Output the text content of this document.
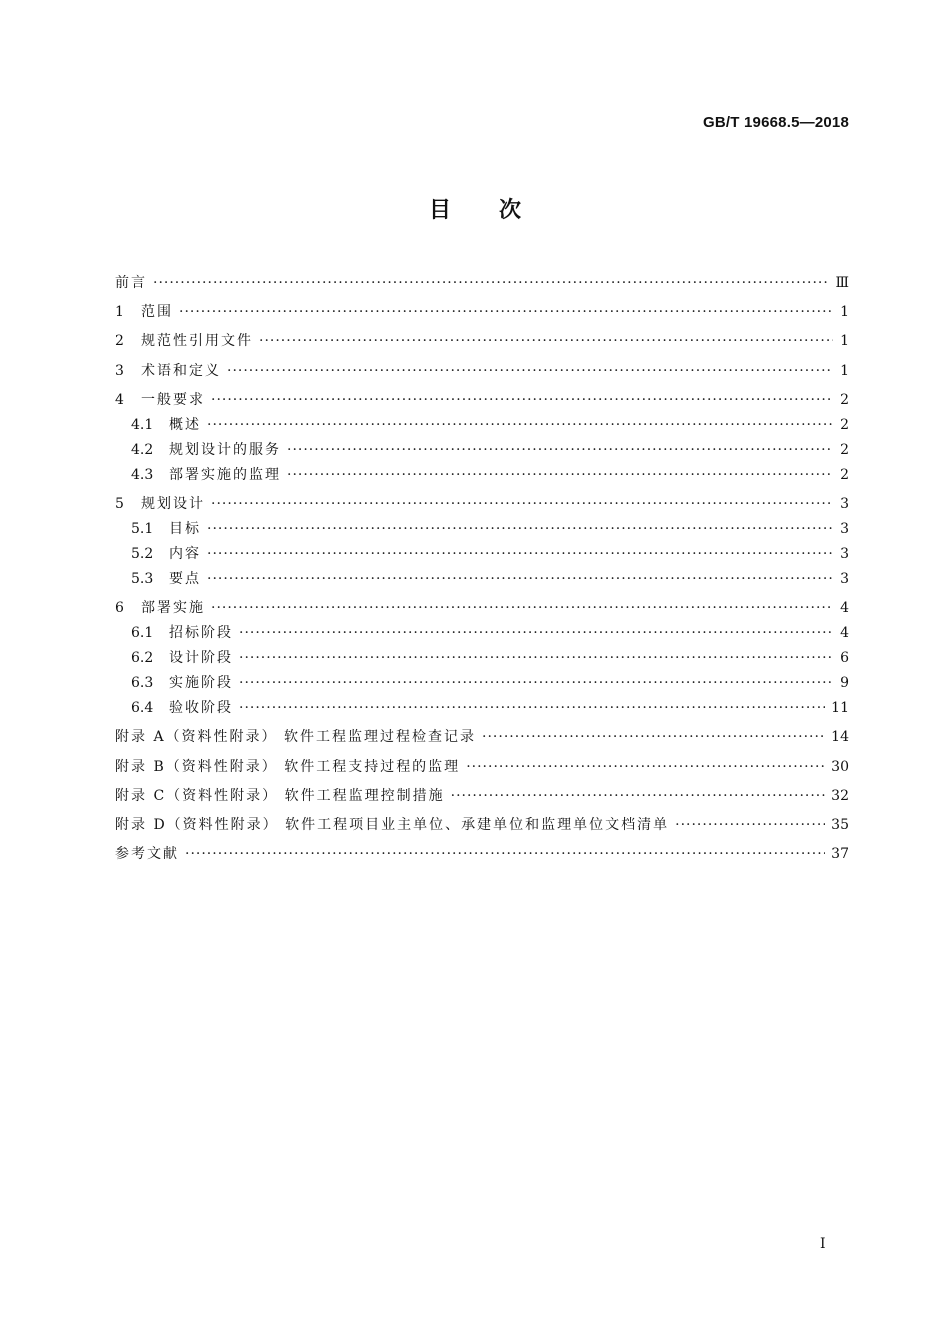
GB/T 19668.5—2018
目次
前言 ·····	Ⅲ
1	范围 ·····	1
2	规范性引用文件 ·····	1
3	术语和定义 ·····	1
4	一般要求 ·····	2
4.1	概述 ·····	2
4.2	规划设计的服务 ·····	2
4.3	部署实施的监理 ·····	2
5	规划设计 ·····	3
5.1	目标 ·····	3
5.2	内容 ·····	3
5.3	要点 ·····	3
6	部署实施 ·····	4
6.1	招标阶段 ·····	4
6.2	设计阶段 ·····	6
6.3	实施阶段 ·····	9
6.4	验收阶段 ·····	11
附录 A（资料性附录） 软件工程监理过程检查记录 ·····	14
附录 B（资料性附录） 软件工程支持过程的监理 ·····	30
附录 C（资料性附录） 软件工程监理控制措施 ·····	32
附录 D（资料性附录） 软件工程项目业主单位、承建单位和监理单位文档清单 ·····	35
参考文献 ·····	37
I
